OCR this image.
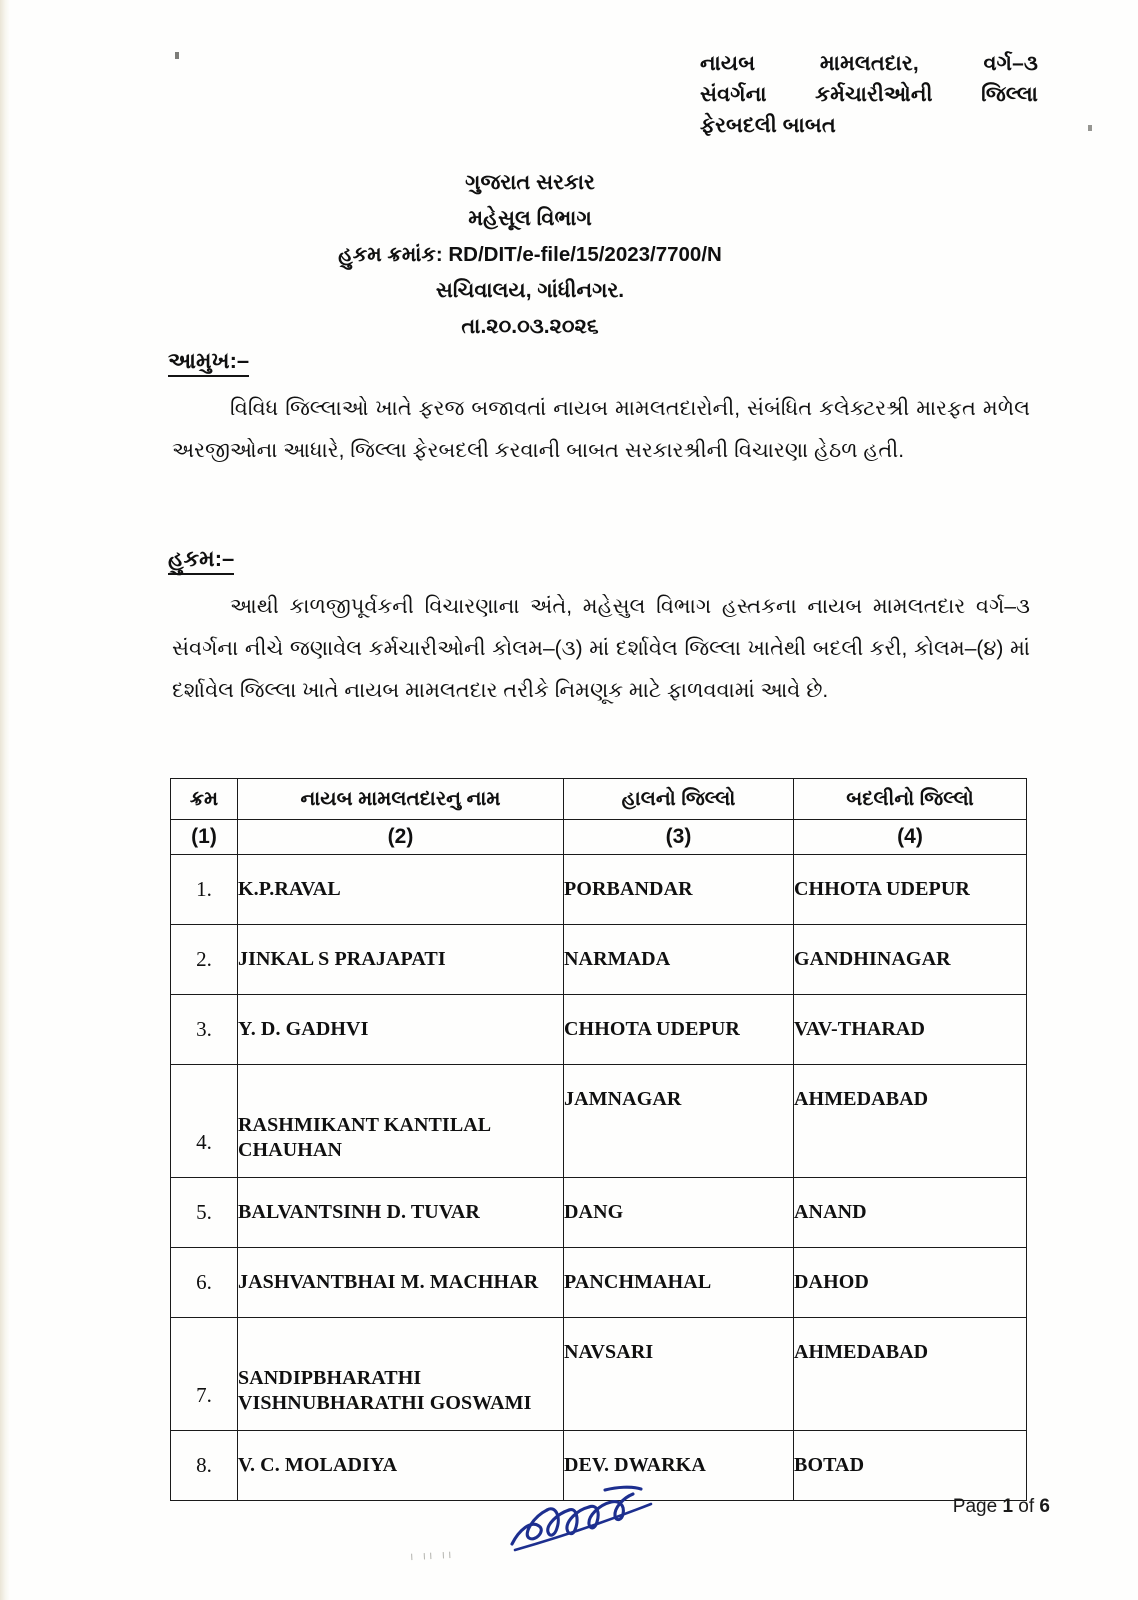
નાયબ	મામલતદાર,	વર્ગ–૩
સંવર્ગના કર્મચારીઓની જિલ્લા
ફેરબદલી બાબત
ગુજરાત સરકાર
મહેસૂલ વિભાગ
હુકમ ક્રમાંક: RD/DIT/e-file/15/2023/7700/N
સચિવાલય, ગાંધીનગર.
તા.૨૦.૦૩.૨૦૨૬
આમુખ:–
વિવિધ જિલ્લાઓ ખાતે ફરજ બજાવતાં નાયબ મામલતદારોની, સંબંધિત કલેક્ટરશ્રી મારફત મળેલ અરજીઓના આધારે, જિલ્લા ફેરબદલી કરવાની બાબત સરકારશ્રીની વિચારણા હેઠળ હતી.
હુકમ:–
આથી કાળજીપૂર્વકની વિચારણાના અંતે, મહેસુલ વિભાગ હસ્તકના નાયબ મામલતદાર વર્ગ–૩ સંવર્ગના નીચે જણાવેલ કર્મચારીઓની કોલમ–(૩) માં દર્શાવેલ જિલ્લા ખાતેથી બદલી કરી, કોલમ–(૪) માં દર્શાવેલ જિલ્લા ખાતે નાયબ મામલતદાર તરીકે નિમણૂક માટે ફાળવવામાં આવે છે.
ક્રમ	નાયબ મામલતદારનુ નામ	હાલનો જિલ્લો	બદલીનો જિલ્લો
(1)	(2)	(3)	(4)
1.	K.P.RAVAL	PORBANDAR	CHHOTA UDEPUR
2.	JINKAL S PRAJAPATI	NARMADA	GANDHINAGAR
3.	Y. D. GADHVI	CHHOTA UDEPUR	VAV-THARAD
4.	RASHMIKANT KANTILAL CHAUHAN	JAMNAGAR	AHMEDABAD
5.	BALVANTSINH D. TUVAR	DANG	ANAND
6.	JASHVANTBHAI M. MACHHAR	PANCHMAHAL	DAHOD
7.	SANDIPBHARATHI VISHNUBHARATHI GOSWAMI	NAVSARI	AHMEDABAD
8.	V. C. MOLADIYA	DEV. DWARKA	BOTAD
ı ıı ıı
Page 1 of 6
